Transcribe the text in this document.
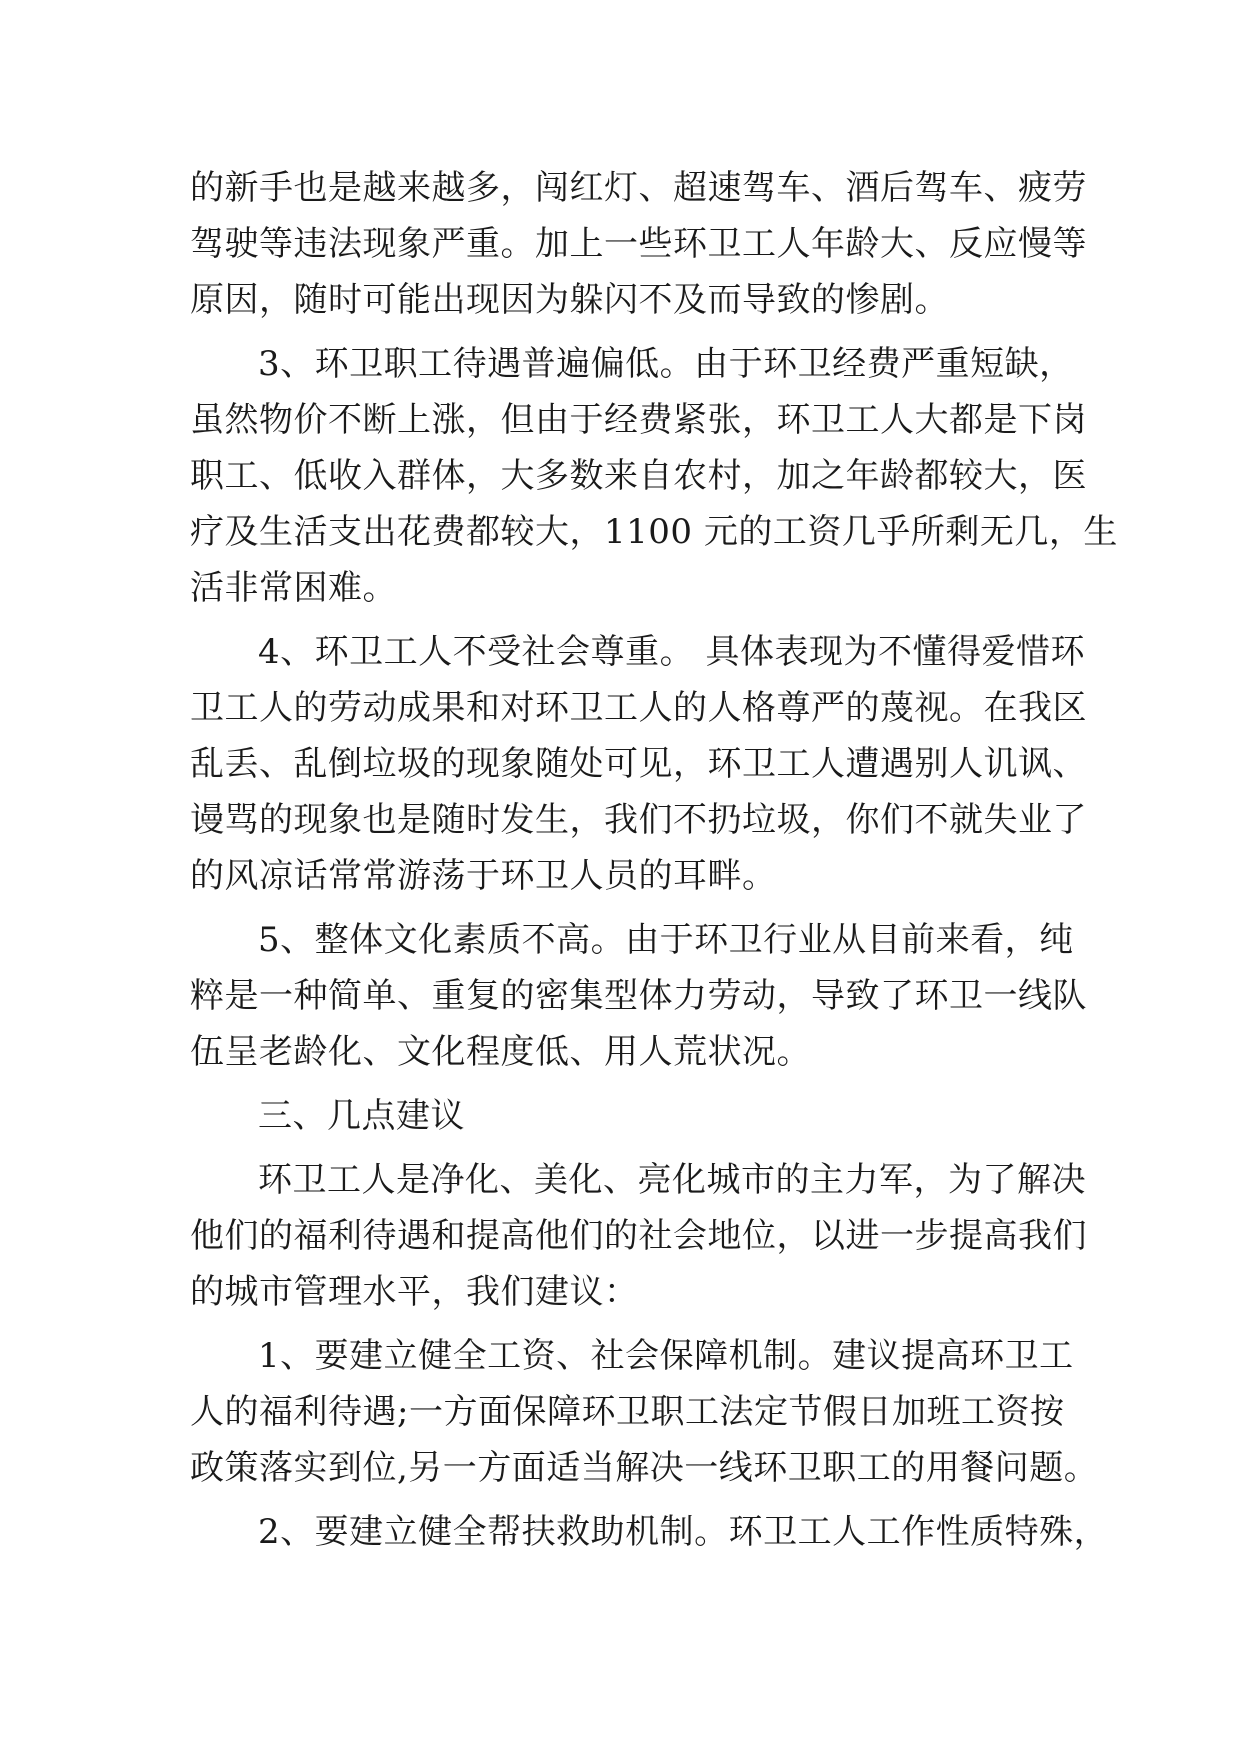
的新手也是越来越多，闯红灯、超速驾车、酒后驾车、疲劳
驾驶等违法现象严重。加上一些环卫工人年龄大、反应慢等
原因，随时可能出现因为躲闪不及而导致的惨剧。
3、环卫职工待遇普遍偏低。由于环卫经费严重短缺，
虽然物价不断上涨，但由于经费紧张，环卫工人大都是下岗
职工、低收入群体，大多数来自农村，加之年龄都较大，医
疗及生活支出花费都较大，1100 元的工资几乎所剩无几，生
活非常困难。
4、环卫工人不受社会尊重。 具体表现为不懂得爱惜环
卫工人的劳动成果和对环卫工人的人格尊严的蔑视。在我区
乱丢、乱倒垃圾的现象随处可见，环卫工人遭遇别人讥讽、
谩骂的现象也是随时发生，我们不扔垃圾，你们不就失业了
的风凉话常常游荡于环卫人员的耳畔。
5、整体文化素质不高。由于环卫行业从目前来看，纯
粹是一种简单、重复的密集型体力劳动，导致了环卫一线队
伍呈老龄化、文化程度低、用人荒状况。
三、几点建议
环卫工人是净化、美化、亮化城市的主力军，为了解决
他们的福利待遇和提高他们的社会地位，以进一步提高我们
的城市管理水平，我们建议：
1、要建立健全工资、社会保障机制。建议提高环卫工
人的福利待遇;一方面保障环卫职工法定节假日加班工资按
政策落实到位,另一方面适当解决一线环卫职工的用餐问题。
2、要建立健全帮扶救助机制。环卫工人工作性质特殊，
